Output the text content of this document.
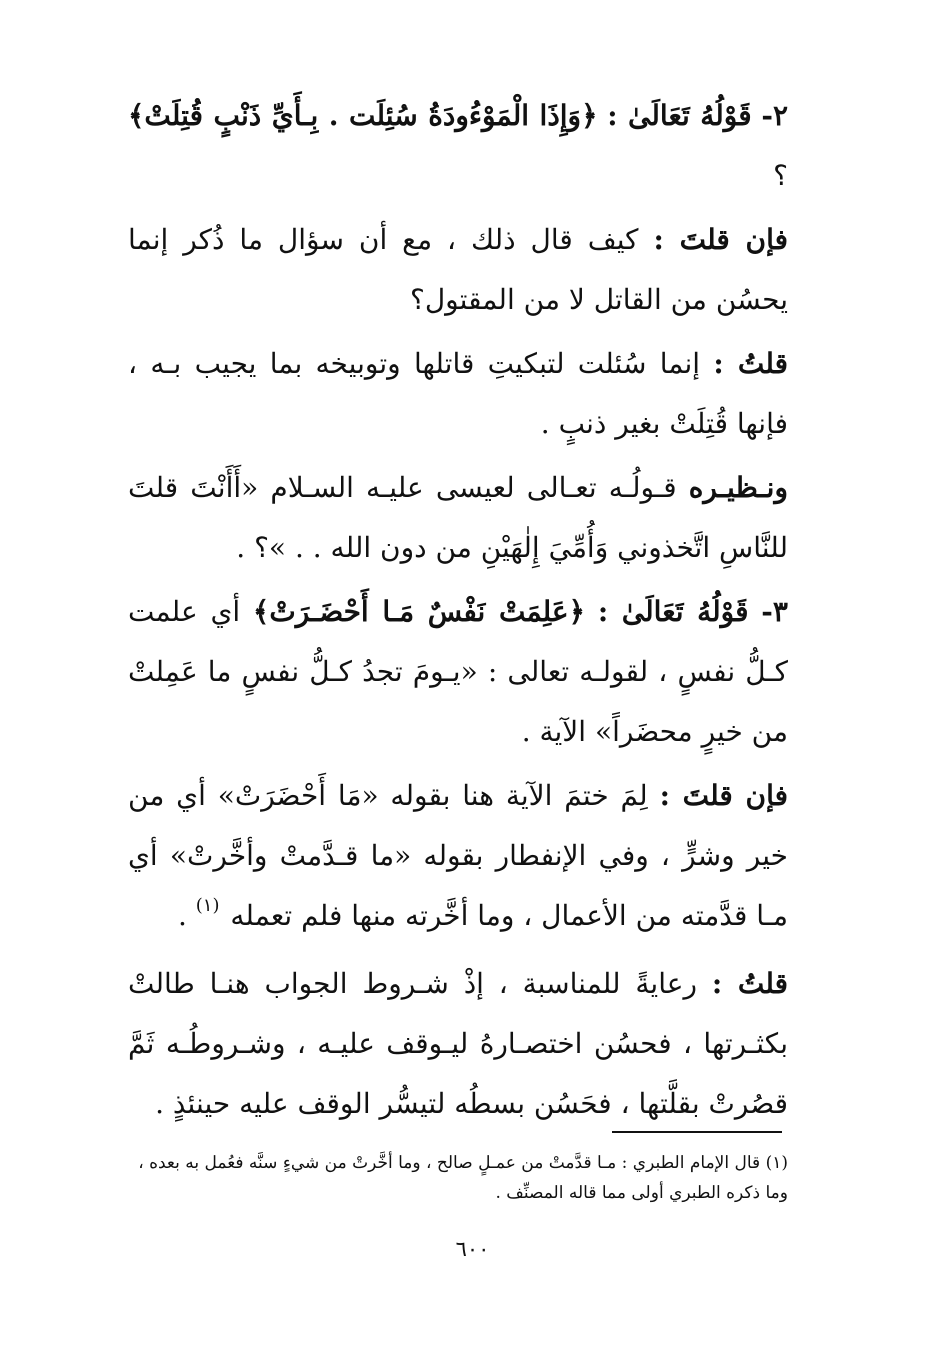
٢- قَوْلُهُ تَعَالَىٰ : ﴿وَإِذَا الْمَوْءُودَةُ سُئِلَت . بِـأَيِّ ذَنْبٍ قُتِلَتْ﴾ ؟

فإن قلتَ : كيف قال ذلك ، مع أن سؤال ما ذُكر إنما يحسُن من القاتل لا من المقتول؟

قلتُ : إنما سُئلت لتبكيتِ قاتلها وتوبيخه بما يجيب بـه ، فإنها قُتِلَتْ بغير ذنبٍ .

ونـظيـره قـولُـه تعـالى لعيسى عليـه السـلام «أَأَنْتَ قلتَ للنَّاسِ اتَّخذوني وَأُمِّيَ إِلٰهَيْنِ من دون الله . . »؟ .

٣- قَوْلُهُ تَعَالَىٰ : ﴿عَلِمَتْ نَفْسٌ مَـا أَحْضَـرَتْ﴾ أي علمت كـلُّ نفسٍ ، لقولـه تعالى : «يـومَ تجدُ كـلُّ نفسٍ ما عَمِلتْ من خيرٍ محضَراً» الآية .

فإن قلتَ : لِمَ ختمَ الآية هنا بقوله «مَا أَحْضَرَتْ» أي من خير وشرٍّ ، وفي الإنفطار بقوله «ما قـدَّمتْ وأخَّرتْ» أي مـا قدَّمته من الأعمال ، وما أخَّرته منها فلم تعمله $^{(١)}$ .

قلتُ : رعايةً للمناسبة ، إذْ شـروط الجواب هنـا طالتْ بكثـرتها ، فحسُن اختصـارهُ ليـوقف عليـه ، وشـروطُـه ثَمَّ قصُرتْ بقلَّتها ، فحَسُن بسطُه لتيسُّر الوقف عليه حينئذٍ .

(١) قال الإمام الطبري : مـا قدَّمتْ من عمـلٍ صالح ، وما أخَّرتْ من شيءٍ سنَّه فعُمل به بعده ، وما ذكره الطبري أولى مما قاله المصنِّف .
٦٠٠
